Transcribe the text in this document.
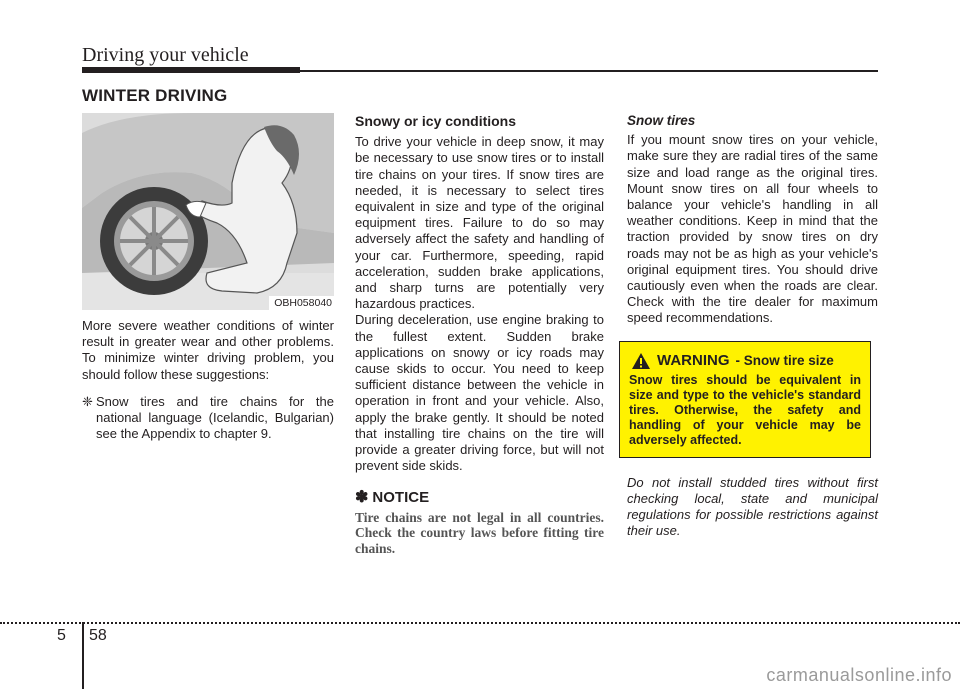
Driving your vehicle
WINTER DRIVING
OBH058040

More severe weather conditions of winter result in greater wear and other problems. To minimize winter driving problem, you should follow these suggestions:

❈ Snow tires and tire chains for the national language (Icelandic, Bulgarian) see the Appendix to chapter 9.
Snowy or icy conditions

To drive your vehicle in deep snow, it may be necessary to use snow tires or to install tire chains on your tires. If snow tires are needed, it is necessary to select tires equivalent in size and type of the original equipment tires. Failure to do so may adversely affect the safety and handling of your car. Furthermore, speeding, rapid acceleration, sudden brake applications, and sharp turns are potentially very hazardous practices.

During deceleration, use engine braking to the fullest extent. Sudden brake applications on snowy or icy roads may cause skids to occur. You need to keep sufficient distance between the vehicle in operation in front and your vehicle. Also, apply the brake gently. It should be noted that installing tire chains on the tire will provide a greater driving force, but will not prevent side skids.

✽ NOTICE
Tire chains are not legal in all countries. Check the country laws before fitting tire chains.
Snow tires

If you mount snow tires on your vehicle, make sure they are radial tires of the same size and load range as the original tires. Mount snow tires on all four wheels to balance your vehicle's handling in all weather conditions. Keep in mind that the traction provided by snow tires on dry roads may not be as high as your vehicle's original equipment tires. You should drive cautiously even when the roads are clear. Check with the tire dealer for maximum speed recommendations.

WARNING - Snow tire size
Snow tires should be equivalent in size and type to the vehicle's standard tires. Otherwise, the safety and handling of your vehicle may be adversely affected.

Do not install studded tires without first checking local, state and municipal regulations for possible restrictions against their use.

5 58
carmanualsonline.info
